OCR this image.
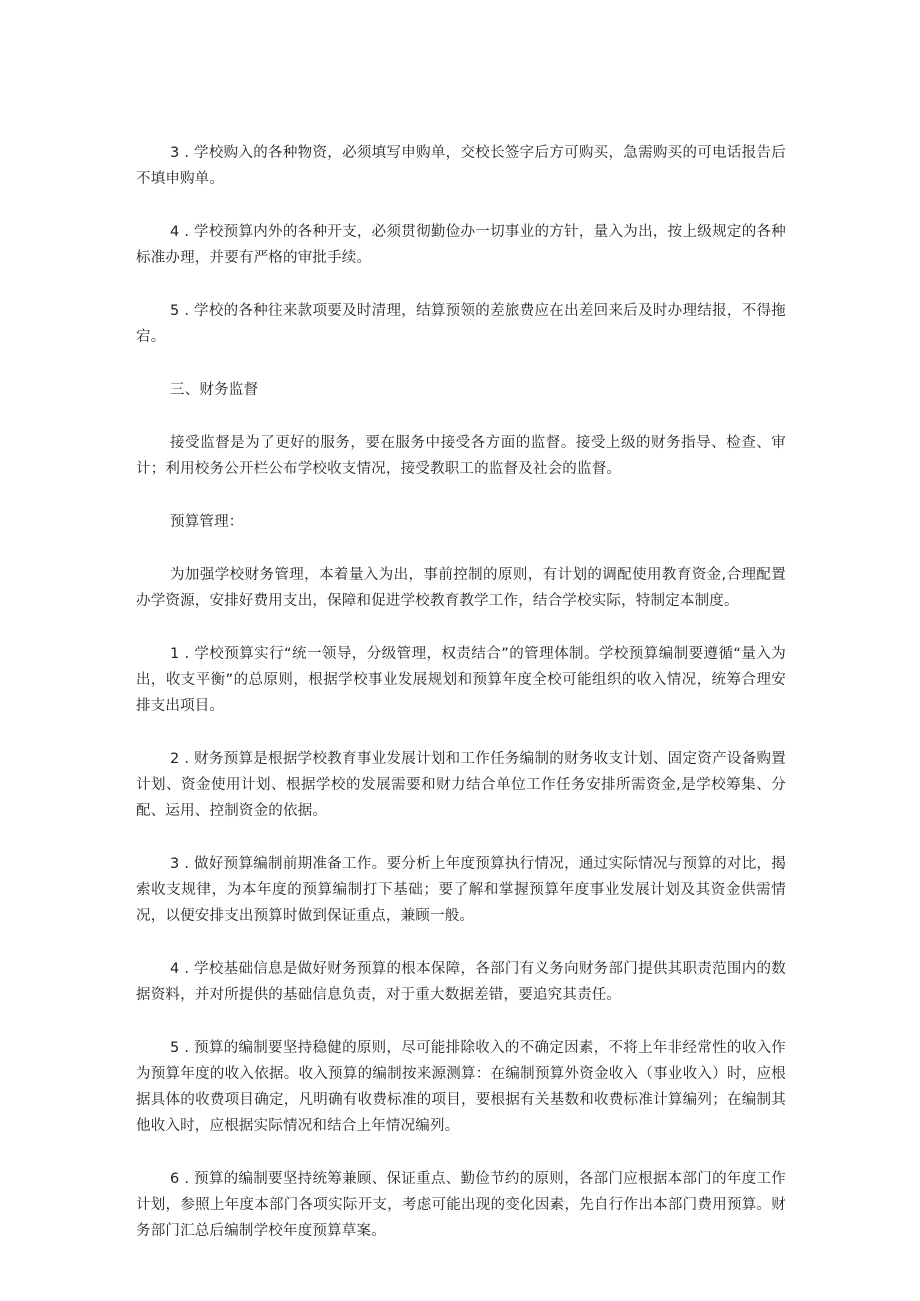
3 . 学校购入的各种物资，必须填写申购单，交校长签字后方可购买，急需购买的可电话报告后不填申购单。

4 . 学校预算内外的各种开支，必须贯彻勤俭办一切事业的方针，量入为出，按上级规定的各种标准办理，并要有严格的审批手续。

5 . 学校的各种往来款项要及时清理，结算预领的差旅费应在出差回来后及时办理结报，不得拖宕。

三、财务监督

接受监督是为了更好的服务，要在服务中接受各方面的监督。接受上级的财务指导、检查、审计；利用校务公开栏公布学校收支情况，接受教职工的监督及社会的监督。

预算管理：

为加强学校财务管理，本着量入为出，事前控制的原则，有计划的调配使用教育资金,合理配置办学资源，安排好费用支出，保障和促进学校教育教学工作，结合学校实际，特制定本制度。

1 . 学校预算实行“统一领导，分级管理，权责结合”的管理体制。学校预算编制要遵循“量入为出，收支平衡”的总原则，根据学校事业发展规划和预算年度全校可能组织的收入情况，统筹合理安排支出项目。

2 . 财务预算是根据学校教育事业发展计划和工作任务编制的财务收支计划、固定资产设备购置计划、资金使用计划、根据学校的发展需要和财力结合单位工作任务安排所需资金,是学校筹集、分配、运用、控制资金的依据。

3 . 做好预算编制前期准备工作。要分析上年度预算执行情况，通过实际情况与预算的对比，揭索收支规律，为本年度的预算编制打下基础；要了解和掌握预算年度事业发展计划及其资金供需情况，以便安排支出预算时做到保证重点，兼顾一般。

4 . 学校基础信息是做好财务预算的根本保障，各部门有义务向财务部门提供其职责范围内的数据资料，并对所提供的基础信息负责，对于重大数据差错，要追究其责任。

5 . 预算的编制要坚持稳健的原则，尽可能排除收入的不确定因素，不将上年非经常性的收入作为预算年度的收入依据。收入预算的编制按来源测算：在编制预算外资金收入（事业收入）时，应根据具体的收费项目确定，凡明确有收费标准的项目，要根据有关基数和收费标准计算编列；在编制其他收入时，应根据实际情况和结合上年情况编列。

6 . 预算的编制要坚持统筹兼顾、保证重点、勤俭节约的原则，各部门应根据本部门的年度工作计划，参照上年度本部门各项实际开支，考虑可能出现的变化因素，先自行作出本部门费用预算。财务部门汇总后编制学校年度预算草案。
